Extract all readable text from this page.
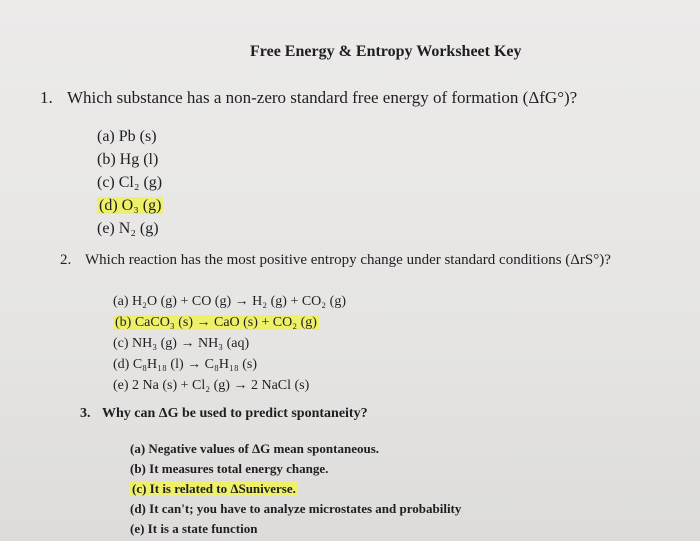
Free Energy & Entropy Worksheet Key
1. Which substance has a non-zero standard free energy of formation (ΔfG°)?
(a) Pb (s)
(b) Hg (l)
(c) Cl₂ (g)
(d) O₃ (g)
(e) N₂ (g)
2. Which reaction has the most positive entropy change under standard conditions (ΔrS°)?
(a) H₂O (g) + CO (g) → H₂ (g) + CO₂ (g)
(b) CaCO₃ (s) → CaO (s) + CO₂ (g)
(c) NH₃ (g) → NH₃ (aq)
(d) C₈H₁₈ (l) → C₈H₁₈ (s)
(e) 2 Na (s) + Cl₂ (g) → 2 NaCl (s)
3. Why can ΔG be used to predict spontaneity?
(a) Negative values of ΔG mean spontaneous.
(b) It measures total energy change.
(c) It is related to ΔSuniverse.
(d) It can't; you have to analyze microstates and probability
(e) It is a state function
